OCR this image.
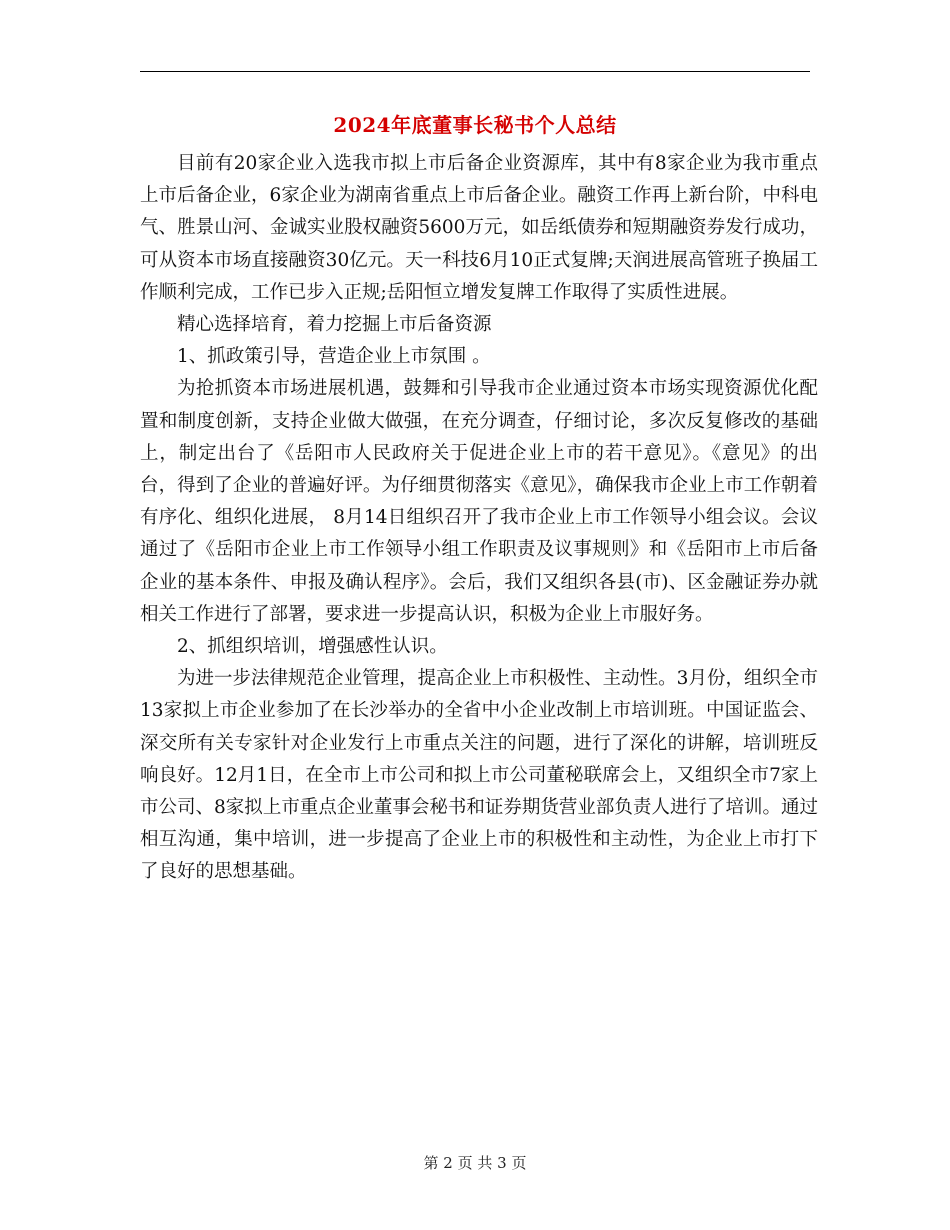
2024年底董事长秘书个人总结

目前有20家企业入选我市拟上市后备企业资源库，其中有8家企业为我市重点上市后备企业，6家企业为湖南省重点上市后备企业。融资工作再上新台阶，中科电气、胜景山河、金诚实业股权融资5600万元，如岳纸债券和短期融资券发行成功，可从资本市场直接融资30亿元。天一科技6月10正式复牌;天润进展高管班子换届工作顺利完成，工作已步入正规;岳阳恒立增发复牌工作取得了实质性进展。

精心选择培育，着力挖掘上市后备资源

1、抓政策引导，营造企业上市氛围 。

为抢抓资本市场进展机遇，鼓舞和引导我市企业通过资本市场实现资源优化配置和制度创新，支持企业做大做强，在充分调查，仔细讨论，多次反复修改的基础上，制定出台了《岳阳市人民政府关于促进企业上市的若干意见》。《意见》的出台，得到了企业的普遍好评。为仔细贯彻落实《意见》，确保我市企业上市工作朝着有序化、组织化进展， 8月14日组织召开了我市企业上市工作领导小组会议。会议通过了《岳阳市企业上市工作领导小组工作职责及议事规则》和《岳阳市上市后备企业的基本条件、申报及确认程序》。会后，我们又组织各县(市)、区金融证券办就相关工作进行了部署，要求进一步提高认识，积极为企业上市服好务。

2、抓组织培训，增强感性认识。

为进一步法律规范企业管理，提高企业上市积极性、主动性。3月份，组织全市13家拟上市企业参加了在长沙举办的全省中小企业改制上市培训班。中国证监会、深交所有关专家针对企业发行上市重点关注的问题，进行了深化的讲解，培训班反响良好。12月1日，在全市上市公司和拟上市公司董秘联席会上，又组织全市7家上市公司、8家拟上市重点企业董事会秘书和证券期货营业部负责人进行了培训。通过相互沟通，集中培训，进一步提高了企业上市的积极性和主动性，为企业上市打下了良好的思想基础。

第 2 页 共 3 页
